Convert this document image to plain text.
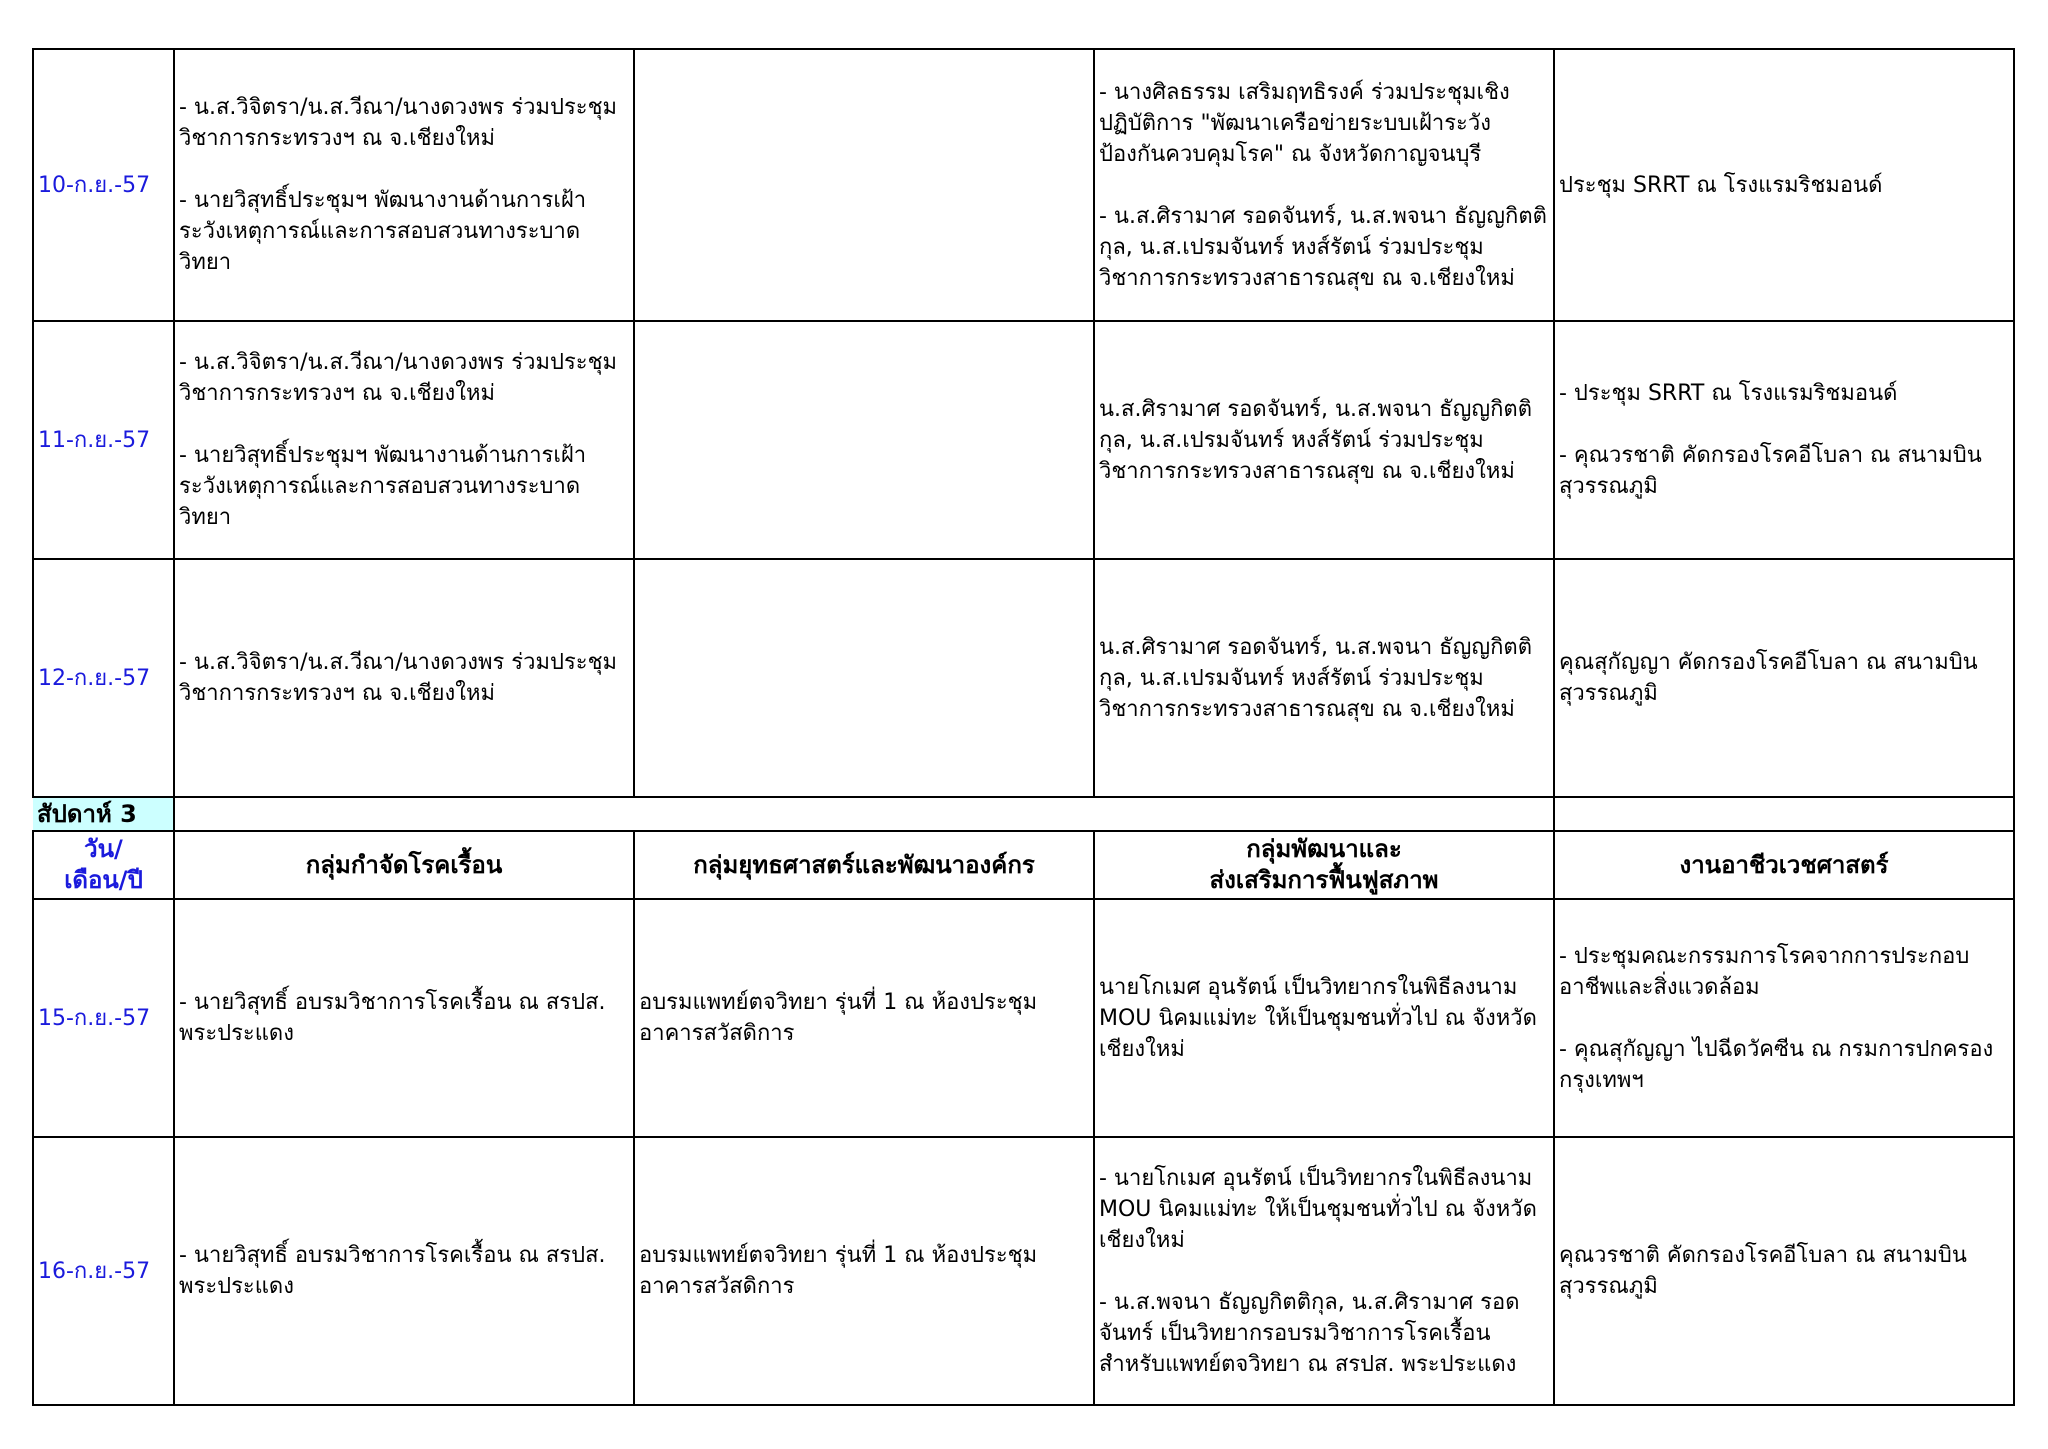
10-ก.ย.-57	- น.ส.วิจิตรา/น.ส.วีณา/นางดวงพร ร่วมประชุมวิชาการกระทรวงฯ ณ จ.เชียงใหม่

- นายวิสุทธิ์ประชุมฯ พัฒนางานด้านการเฝ้าระวังเหตุการณ์และการสอบสวนทางระบาดวิทยา		- นางศิลธรรม เสริมฤทธิรงค์ ร่วมประชุมเชิงปฏิบัติการ "พัฒนาเครือข่ายระบบเฝ้าระวังป้องกันควบคุมโรค" ณ จังหวัดกาญจนบุรี

- น.ส.ศิรามาศ รอดจันทร์, น.ส.พจนา ธัญญกิตติกุล, น.ส.เปรมจันทร์ หงส์รัตน์ ร่วมประชุมวิชาการกระทรวงสาธารณสุข ณ จ.เชียงใหม่	ประชุม SRRT ณ โรงแรมริชมอนด์
11-ก.ย.-57	- น.ส.วิจิตรา/น.ส.วีณา/นางดวงพร ร่วมประชุมวิชาการกระทรวงฯ ณ จ.เชียงใหม่

- นายวิสุทธิ์ประชุมฯ พัฒนางานด้านการเฝ้าระวังเหตุการณ์และการสอบสวนทางระบาดวิทยา		น.ส.ศิรามาศ รอดจันทร์, น.ส.พจนา ธัญญกิตติกุล, น.ส.เปรมจันทร์ หงส์รัตน์ ร่วมประชุมวิชาการกระทรวงสาธารณสุข ณ จ.เชียงใหม่	- ประชุม SRRT ณ โรงแรมริชมอนด์

- คุณวรชาติ คัดกรองโรคอีโบลา ณ สนามบินสุวรรณภูมิ
12-ก.ย.-57	- น.ส.วิจิตรา/น.ส.วีณา/นางดวงพร ร่วมประชุมวิชาการกระทรวงฯ ณ จ.เชียงใหม่		น.ส.ศิรามาศ รอดจันทร์, น.ส.พจนา ธัญญกิตติกุล, น.ส.เปรมจันทร์ หงส์รัตน์ ร่วมประชุมวิชาการกระทรวงสาธารณสุข ณ จ.เชียงใหม่	คุณสุกัญญา คัดกรองโรคอีโบลา ณ สนามบินสุวรรณภูมิ
สัปดาห์ 3				
วัน/
เดือน/ปี	กลุ่มกำจัดโรคเรื้อน	กลุ่มยุทธศาสตร์และพัฒนาองค์กร	กลุ่มพัฒนาและ
ส่งเสริมการฟื้นฟูสภาพ	งานอาชีวเวชศาสตร์
15-ก.ย.-57	- นายวิสุทธิ์ อบรมวิชาการโรคเรื้อน ณ สรปส.
พระประแดง	อบรมแพทย์ตจวิทยา รุ่นที่ 1 ณ ห้องประชุมอาคารสวัสดิการ	นายโกเมศ อุนรัตน์ เป็นวิทยากรในพิธีลงนาม
MOU นิคมแม่ทะ ให้เป็นชุมชนทั่วไป ณ จังหวัดเชียงใหม่	- ประชุมคณะกรรมการโรคจากการประกอบอาชีพและสิ่งแวดล้อม

- คุณสุกัญญา ไปฉีดวัคซีน ณ กรมการปกครอง กรุงเทพฯ
16-ก.ย.-57	- นายวิสุทธิ์ อบรมวิชาการโรคเรื้อน ณ สรปส.
พระประแดง	อบรมแพทย์ตจวิทยา รุ่นที่ 1 ณ ห้องประชุมอาคารสวัสดิการ	- นายโกเมศ อุนรัตน์ เป็นวิทยากรในพิธีลงนาม MOU นิคมแม่ทะ ให้เป็นชุมชนทั่วไป ณ จังหวัดเชียงใหม่

- น.ส.พจนา ธัญญกิตติกุล, น.ส.ศิรามาศ รอดจันทร์ เป็นวิทยากรอบรมวิชาการโรคเรื้อนสำหรับแพทย์ตจวิทยา ณ สรปส. พระประแดง	คุณวรชาติ คัดกรองโรคอีโบลา ณ สนามบินสุวรรณภูมิ
